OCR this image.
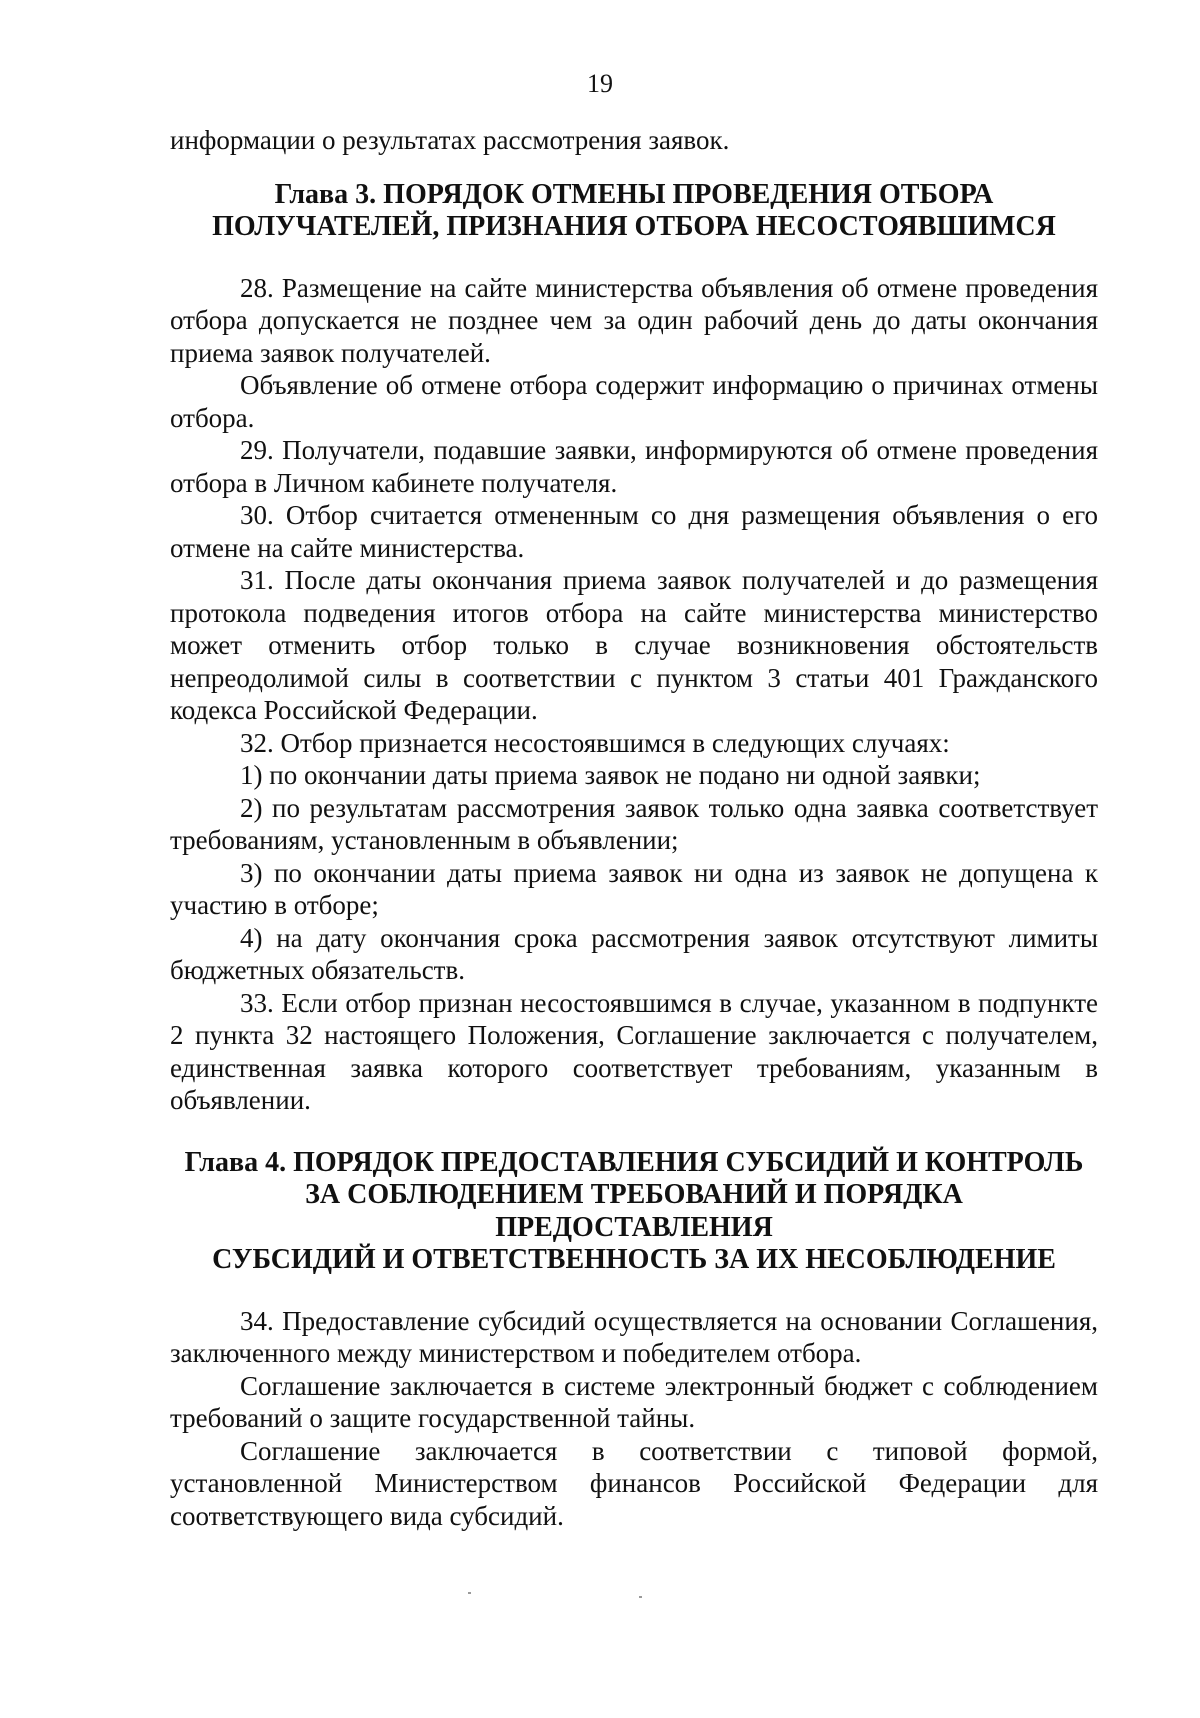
19

информации о результатах рассмотрения заявок.

Глава 3. ПОРЯДОК ОТМЕНЫ ПРОВЕДЕНИЯ ОТБОРА
ПОЛУЧАТЕЛЕЙ, ПРИЗНАНИЯ ОТБОРА НЕСОСТОЯВШИМСЯ

28. Размещение на сайте министерства объявления об отмене проведения отбора допускается не позднее чем за один рабочий день до даты окончания приема заявок получателей.

Объявление об отмене отбора содержит информацию о причинах отмены отбора.

29. Получатели, подавшие заявки, информируются об отмене проведения отбора в Личном кабинете получателя.

30. Отбор считается отмененным со дня размещения объявления о его отмене на сайте министерства.

31. После даты окончания приема заявок получателей и до размещения протокола подведения итогов отбора на сайте министерства министерство может отменить отбор только в случае возникновения обстоятельств непреодолимой силы в соответствии с пунктом 3 статьи 401 Гражданского кодекса Российской Федерации.

32. Отбор признается несостоявшимся в следующих случаях:

1) по окончании даты приема заявок не подано ни одной заявки;

2) по результатам рассмотрения заявок только одна заявка соответствует требованиям, установленным в объявлении;

3) по окончании даты приема заявок ни одна из заявок не допущена к участию в отборе;

4) на дату окончания срока рассмотрения заявок отсутствуют лимиты бюджетных обязательств.

33. Если отбор признан несостоявшимся в случае, указанном в подпункте 2 пункта 32 настоящего Положения, Соглашение заключается с получателем, единственная заявка которого соответствует требованиям, указанным в объявлении.

Глава 4. ПОРЯДОК ПРЕДОСТАВЛЕНИЯ СУБСИДИЙ И КОНТРОЛЬ
ЗА СОБЛЮДЕНИЕМ ТРЕБОВАНИЙ И ПОРЯДКА ПРЕДОСТАВЛЕНИЯ
СУБСИДИЙ И ОТВЕТСТВЕННОСТЬ ЗА ИХ НЕСОБЛЮДЕНИЕ

34. Предоставление субсидий осуществляется на основании Соглашения, заключенного между министерством и победителем отбора.

Соглашение заключается в системе электронный бюджет с соблюдением требований о защите государственной тайны.

Соглашение заключается в соответствии с типовой формой, установленной Министерством финансов Российской Федерации для соответствующего вида субсидий.
